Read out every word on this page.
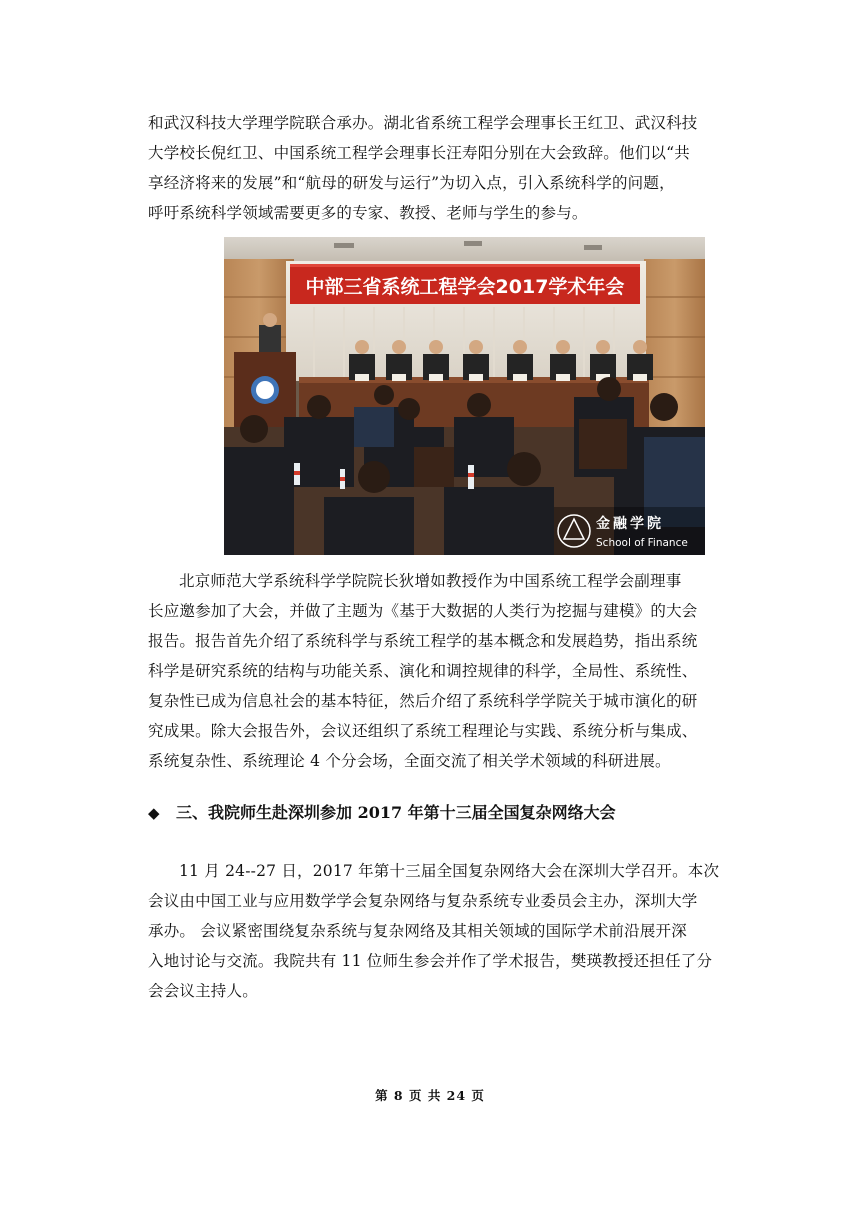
和武汉科技大学理学院联合承办。湖北省系统工程学会理事长王红卫、武汉科技
大学校长倪红卫、中国系统工程学会理事长汪寿阳分别在大会致辞。他们以“共
享经济将来的发展”和“航母的研发与运行”为切入点，引入系统科学的问题，
呼吁系统科学领域需要更多的专家、教授、老师与学生的参与。
中部三省系统工程学会2017学术年会
金融学院
School of Finance
北京师范大学系统科学学院院长狄增如教授作为中国系统工程学会副理事
长应邀参加了大会，并做了主题为《基于大数据的人类行为挖掘与建模》的大会
报告。报告首先介绍了系统科学与系统工程学的基本概念和发展趋势，指出系统
科学是研究系统的结构与功能关系、演化和调控规律的科学，全局性、系统性、
复杂性已成为信息社会的基本特征，然后介绍了系统科学学院关于城市演化的研
究成果。除大会报告外，会议还组织了系统工程理论与实践、系统分析与集成、
系统复杂性、系统理论 4 个分会场，全面交流了相关学术领域的科研进展。
◆ 三、我院师生赴深圳参加 2017 年第十三届全国复杂网络大会
11 月 24--27 日，2017 年第十三届全国复杂网络大会在深圳大学召开。本次
会议由中国工业与应用数学学会复杂网络与复杂系统专业委员会主办，深圳大学
承办。 会议紧密围绕复杂系统与复杂网络及其相关领域的国际学术前沿展开深
入地讨论与交流。我院共有 11 位师生参会并作了学术报告，樊瑛教授还担任了分
会会议主持人。
第 8 页 共 24 页
